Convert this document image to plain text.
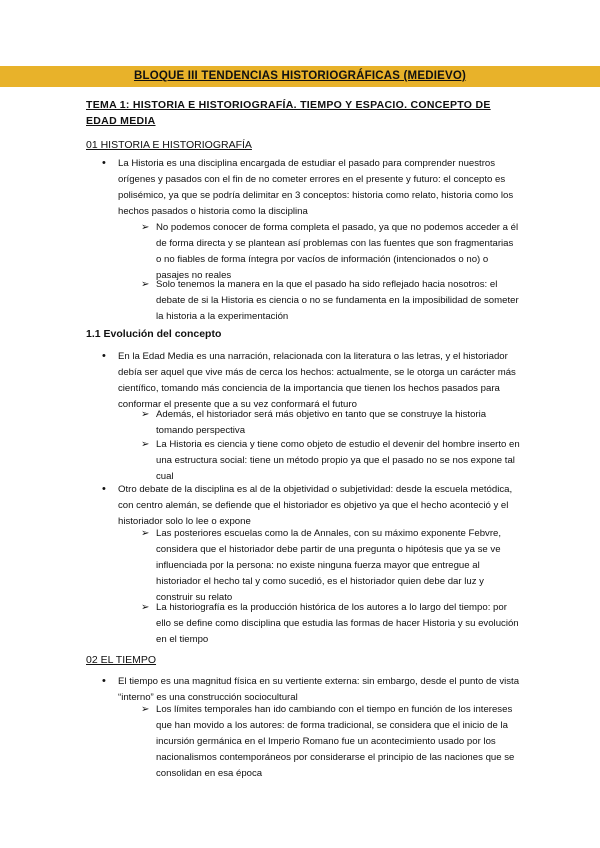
BLOQUE III TENDENCIAS HISTORIOGRÁFICAS (MEDIEVO)
TEMA 1: HISTORIA E HISTORIOGRAFÍA. TIEMPO Y ESPACIO. CONCEPTO DE EDAD MEDIA
01 HISTORIA E HISTORIOGRAFÍA
• La Historia es una disciplina encargada de estudiar el pasado para comprender nuestros orígenes y pasados con el fin de no cometer errores en el presente y futuro: el concepto es polisémico, ya que se podría delimitar en 3 conceptos: historia como relato, historia como los hechos pasados o historia como la disciplina
➢ No podemos conocer de forma completa el pasado, ya que no podemos acceder a él de forma directa y se plantean así problemas con las fuentes que son fragmentarias o no fiables de forma íntegra por vacíos de información (intencionados o no) o pasajes no reales
➢ Solo tenemos la manera en la que el pasado ha sido reflejado hacia nosotros: el debate de si la Historia es ciencia o no se fundamenta en la imposibilidad de someter la historia a la experimentación
1.1 Evolución del concepto
• En la Edad Media es una narración, relacionada con la literatura o las letras, y el historiador debía ser aquel que vive más de cerca los hechos: actualmente, se le otorga un carácter más científico, tomando más conciencia de la importancia que tienen los hechos pasados para conformar el presente que a su vez conformará el futuro
➢ Además, el historiador será más objetivo en tanto que se construye la historia tomando perspectiva
➢ La Historia es ciencia y tiene como objeto de estudio el devenir del hombre inserto en una estructura social: tiene un método propio ya que el pasado no se nos expone tal cual
• Otro debate de la disciplina es al de la objetividad o subjetividad: desde la escuela metódica, con centro alemán, se defiende que el historiador es objetivo ya que el hecho aconteció y el historiador solo lo lee o expone
➢ Las posteriores escuelas como la de Annales, con su máximo exponente Febvre, considera que el historiador debe partir de una pregunta o hipótesis que ya se ve influenciada por la persona: no existe ninguna fuerza mayor que entregue al historiador el hecho tal y como sucedió, es el historiador quien debe dar luz y construir su relato
➢ La historiografía es la producción histórica de los autores a lo largo del tiempo: por ello se define como disciplina que estudia las formas de hacer Historia y su evolución en el tiempo
02 EL TIEMPO
• El tiempo es una magnitud física en su vertiente externa: sin embargo, desde el punto de vista “interno” es una construcción sociocultural
➢ Los límites temporales han ido cambiando con el tiempo en función de los intereses que han movido a los autores: de forma tradicional, se considera que el inicio de la incursión germánica en el Imperio Romano fue un acontecimiento usado por los nacionalismos contemporáneos por considerarse el principio de las naciones que se consolidan en esa época
